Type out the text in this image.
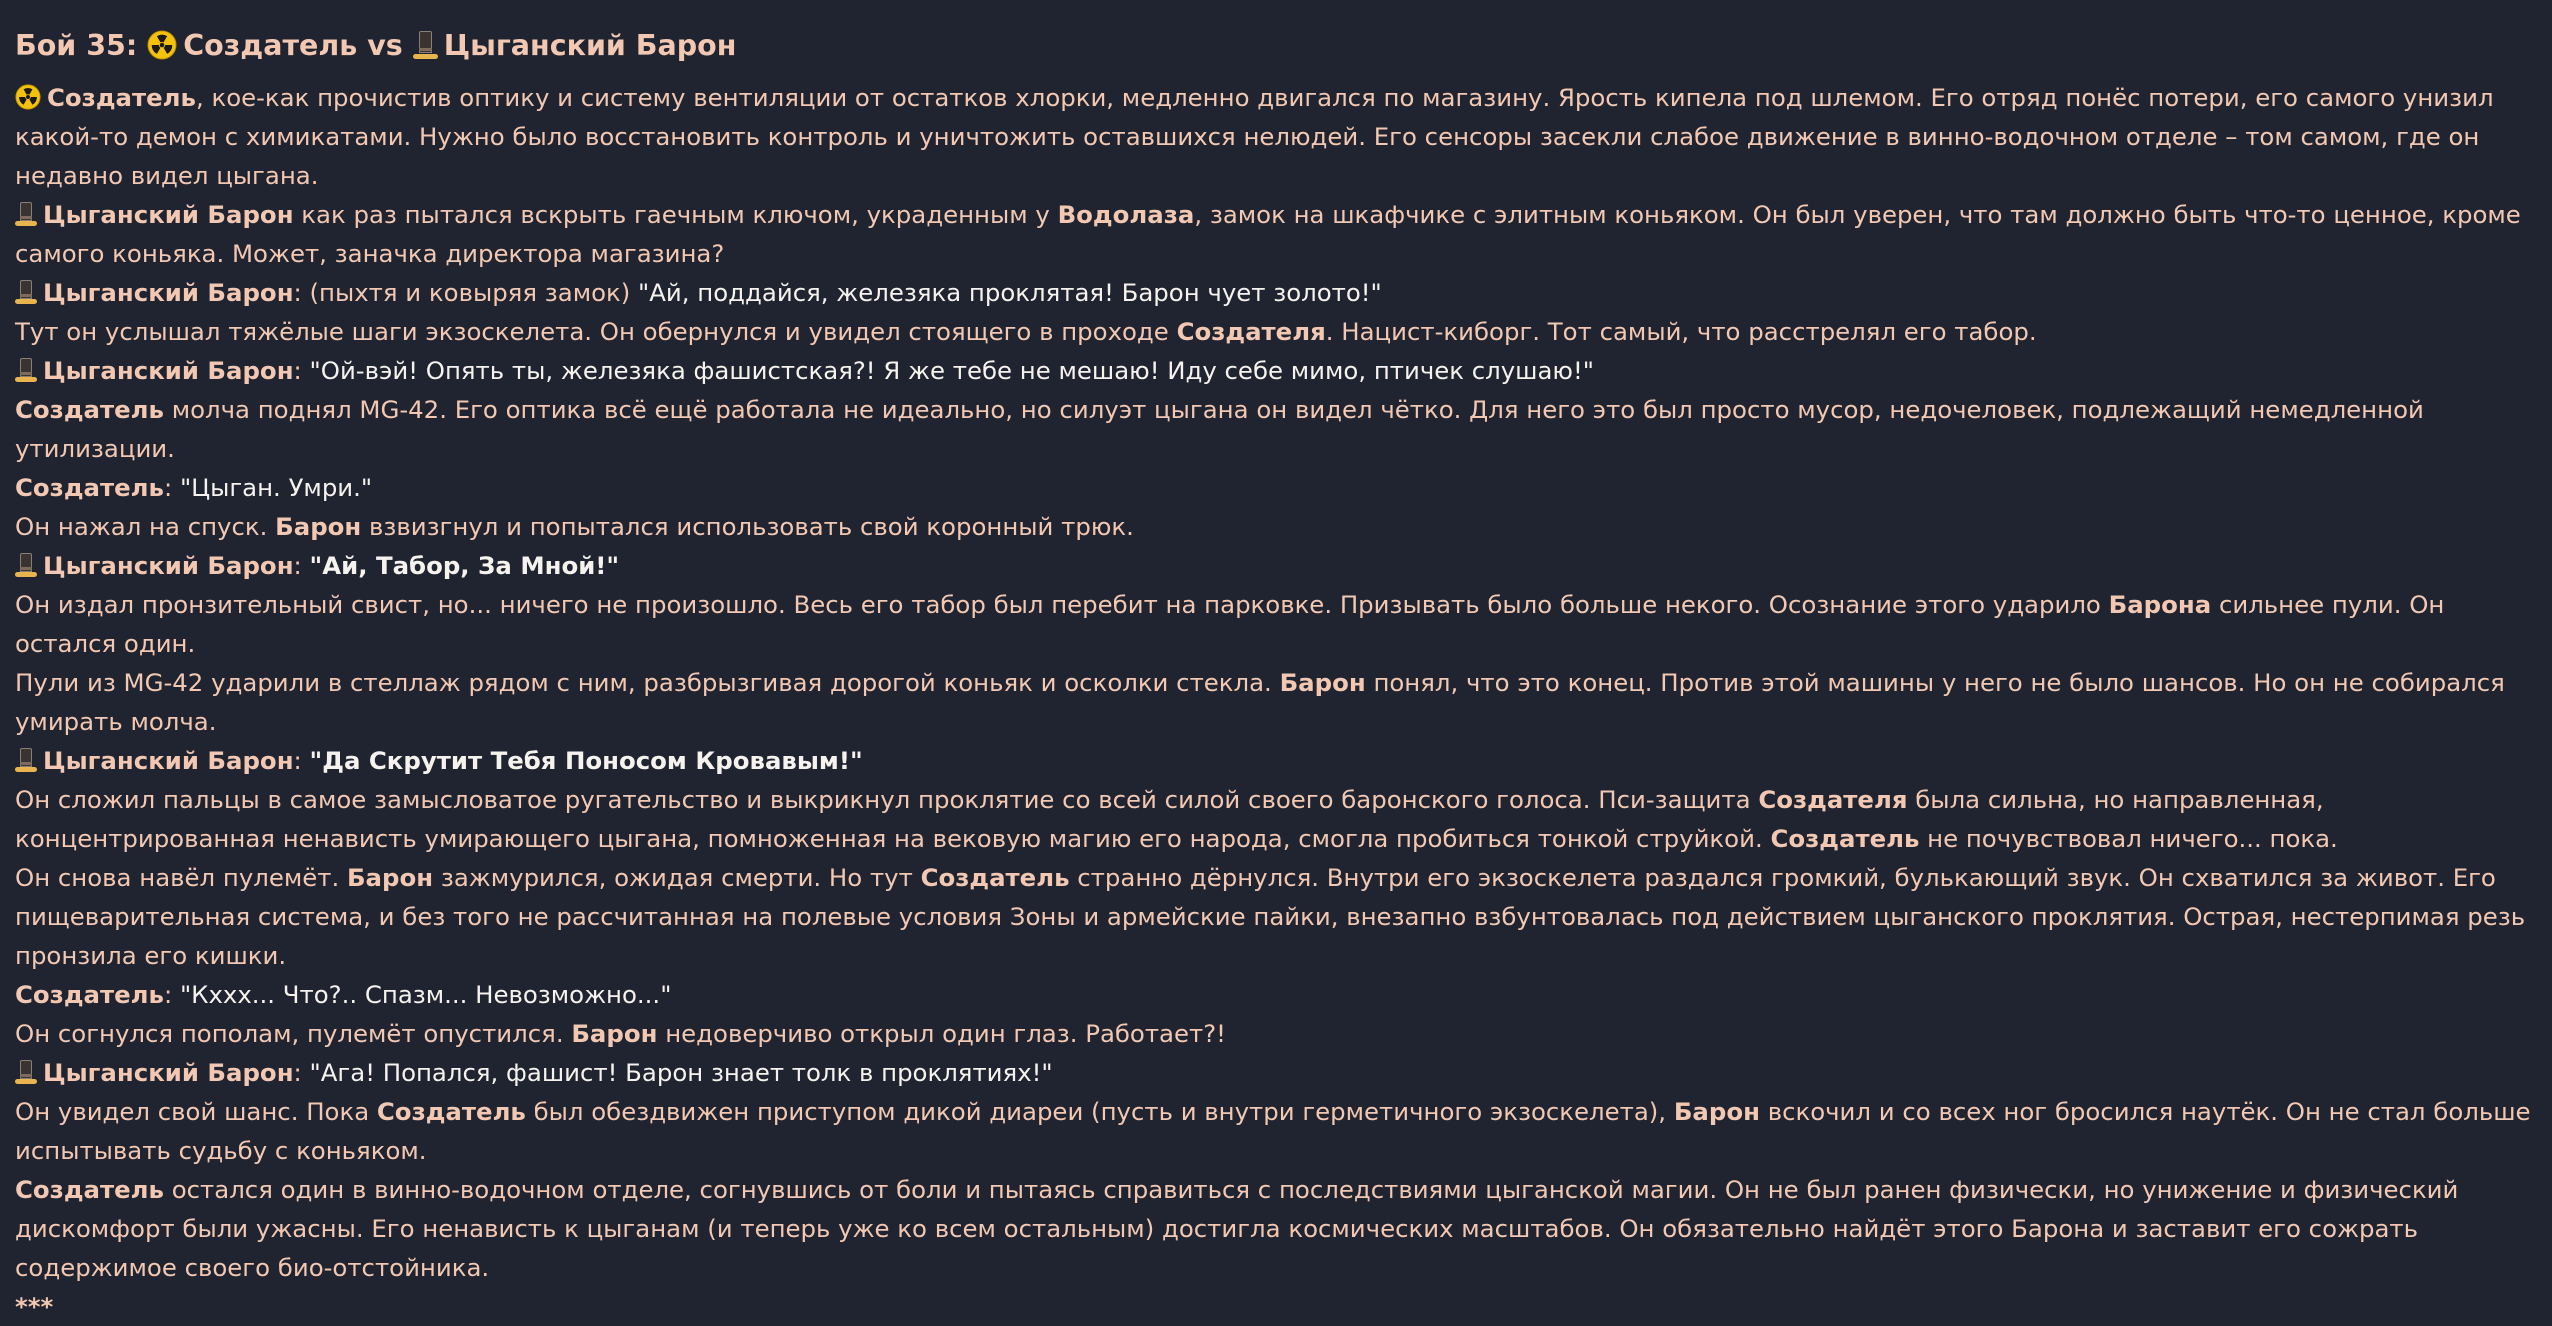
Бой 35: Создатель vs Цыганский Барон
Создатель, кое-как прочистив оптику и систему вентиляции от остатков хлорки, медленно двигался по магазину. Ярость кипела под шлемом. Его отряд понёс потери, его самого унизил какой-то демон с химикатами. Нужно было восстановить контроль и уничтожить оставшихся нелюдей. Его сенсоры засекли слабое движение в винно-водочном отделе – том самом, где он недавно видел цыгана.
Цыганский Барон как раз пытался вскрыть гаечным ключом, украденным у Водолаза, замок на шкафчике с элитным коньяком. Он был уверен, что там должно быть что-то ценное, кроме самого коньяка. Может, заначка директора магазина?
Цыганский Барон: (пыхтя и ковыряя замок) "Ай, поддайся, железяка проклятая! Барон чует золото!"
Тут он услышал тяжёлые шаги экзоскелета. Он обернулся и увидел стоящего в проходе Создателя. Нацист-киборг. Тот самый, что расстрелял его табор.
Цыганский Барон: "Ой-вэй! Опять ты, железяка фашистская?! Я же тебе не мешаю! Иду себе мимо, птичек слушаю!"
Создатель молча поднял MG-42. Его оптика всё ещё работала не идеально, но силуэт цыгана он видел чётко. Для него это был просто мусор, недочеловек, подлежащий немедленной утилизации.
Создатель: "Цыган. Умри."
Он нажал на спуск. Барон взвизгнул и попытался использовать свой коронный трюк.
Цыганский Барон: "Ай, Табор, За Мной!"
Он издал пронзительный свист, но... ничего не произошло. Весь его табор был перебит на парковке. Призывать было больше некого. Осознание этого ударило Барона сильнее пули. Он остался один.
Пули из MG-42 ударили в стеллаж рядом с ним, разбрызгивая дорогой коньяк и осколки стекла. Барон понял, что это конец. Против этой машины у него не было шансов. Но он не собирался умирать молча.
Цыганский Барон: "Да Скрутит Тебя Поносом Кровавым!"
Он сложил пальцы в самое замысловатое ругательство и выкрикнул проклятие со всей силой своего баронского голоса. Пси-защита Создателя была сильна, но направленная, концентрированная ненависть умирающего цыгана, помноженная на вековую магию его народа, смогла пробиться тонкой струйкой. Создатель не почувствовал ничего... пока.
Он снова навёл пулемёт. Барон зажмурился, ожидая смерти. Но тут Создатель странно дёрнулся. Внутри его экзоскелета раздался громкий, булькающий звук. Он схватился за живот. Его пищеварительная система, и без того не рассчитанная на полевые условия Зоны и армейские пайки, внезапно взбунтовалась под действием цыганского проклятия. Острая, нестерпимая резь пронзила его кишки.
Создатель: "Кххх... Что?.. Спазм... Невозможно..."
Он согнулся пополам, пулемёт опустился. Барон недоверчиво открыл один глаз. Работает?!
Цыганский Барон: "Ага! Попался, фашист! Барон знает толк в проклятиях!"
Он увидел свой шанс. Пока Создатель был обездвижен приступом дикой диареи (пусть и внутри герметичного экзоскелета), Барон вскочил и со всех ног бросился наутёк. Он не стал больше испытывать судьбу с коньяком.
Создатель остался один в винно-водочном отделе, согнувшись от боли и пытаясь справиться с последствиями цыганской магии. Он не был ранен физически, но унижение и физический дискомфорт были ужасны. Его ненависть к цыганам (и теперь уже ко всем остальным) достигла космических масштабов. Он обязательно найдёт этого Барона и заставит его сожрать содержимое своего био-отстойника.
***
